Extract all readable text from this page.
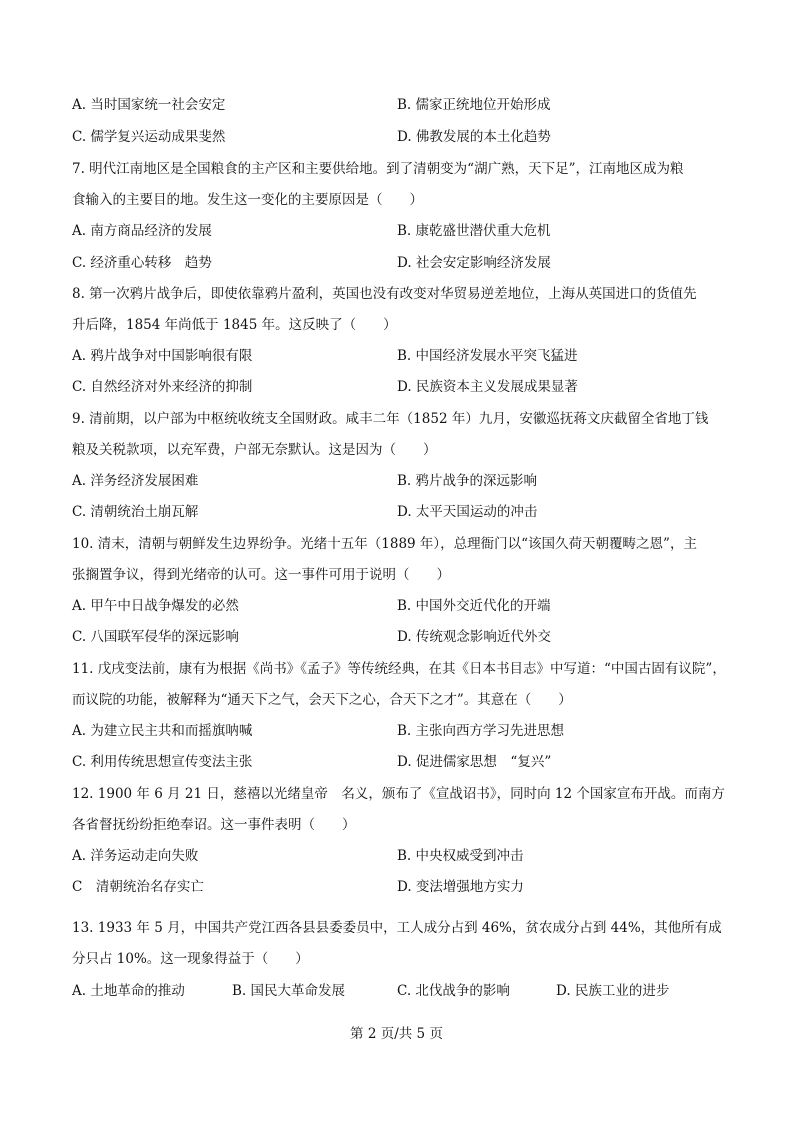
A. 当时国家统一社会安定	B. 儒家正统地位开始形成
C. 儒学复兴运动成果斐然	D. 佛教发展的本土化趋势
7. 明代江南地区是全国粮食的主产区和主要供给地。到了清朝变为“湖广熟，天下足”，江南地区成为粮
食输入的主要目的地。发生这一变化的主要原因是（　　）
A. 南方商品经济的发展	B. 康乾盛世潜伏重大危机
C. 经济重心转移　趋势	D. 社会安定影响经济发展
8. 第一次鸦片战争后，即使依靠鸦片盈利，英国也没有改变对华贸易逆差地位，上海从英国进口的货值先
升后降，1854 年尚低于 1845 年。这反映了（　　）
A. 鸦片战争对中国影响很有限	B. 中国经济发展水平突飞猛进
C. 自然经济对外来经济的抑制	D. 民族资本主义发展成果显著
9. 清前期，以户部为中枢统收统支全国财政。咸丰二年（1852 年）九月，安徽巡抚蒋文庆截留全省地丁钱
粮及关税款项，以充军费，户部无奈默认。这是因为（　　）
A. 洋务经济发展困难	B. 鸦片战争的深远影响
C. 清朝统治土崩瓦解	D. 太平天国运动的冲击
10. 清末，清朝与朝鲜发生边界纷争。光绪十五年（1889 年），总理衙门以“该国久荷天朝覆畴之恩”，主
张搁置争议，得到光绪帝的认可。这一事件可用于说明（　　）
A. 甲午中日战争爆发的必然	B. 中国外交近代化的开端
C. 八国联军侵华的深远影响	D. 传统观念影响近代外交
11. 戊戌变法前，康有为根据《尚书》《孟子》等传统经典，在其《日本书目志》中写道：“中国古固有议院”，
而议院的功能，被解释为“通天下之气，会天下之心，合天下之才”。其意在（　　）
A. 为建立民主共和而摇旗呐喊	B. 主张向西方学习先进思想
C. 利用传统思想宣传变法主张	D. 促进儒家思想　“复兴”
12. 1900 年 6 月 21 日，慈禧以光绪皇帝　名义，颁布了《宣战诏书》，同时向 12 个国家宣布开战。而南方
各省督抚纷纷拒绝奉诏。这一事件表明（　　）
A. 洋务运动走向失败	B. 中央权威受到冲击
C　清朝统治名存实亡	D. 变法增强地方实力
13. 1933 年 5 月，中国共产党江西各县县委委员中，工人成分占到 46%，贫农成分占到 44%，其他所有成
分只占 10%。这一现象得益于（　　）
A. 土地革命的推动	B. 国民大革命发展	C. 北伐战争的影响	D. 民族工业的进步
第 2 页/共 5 页
